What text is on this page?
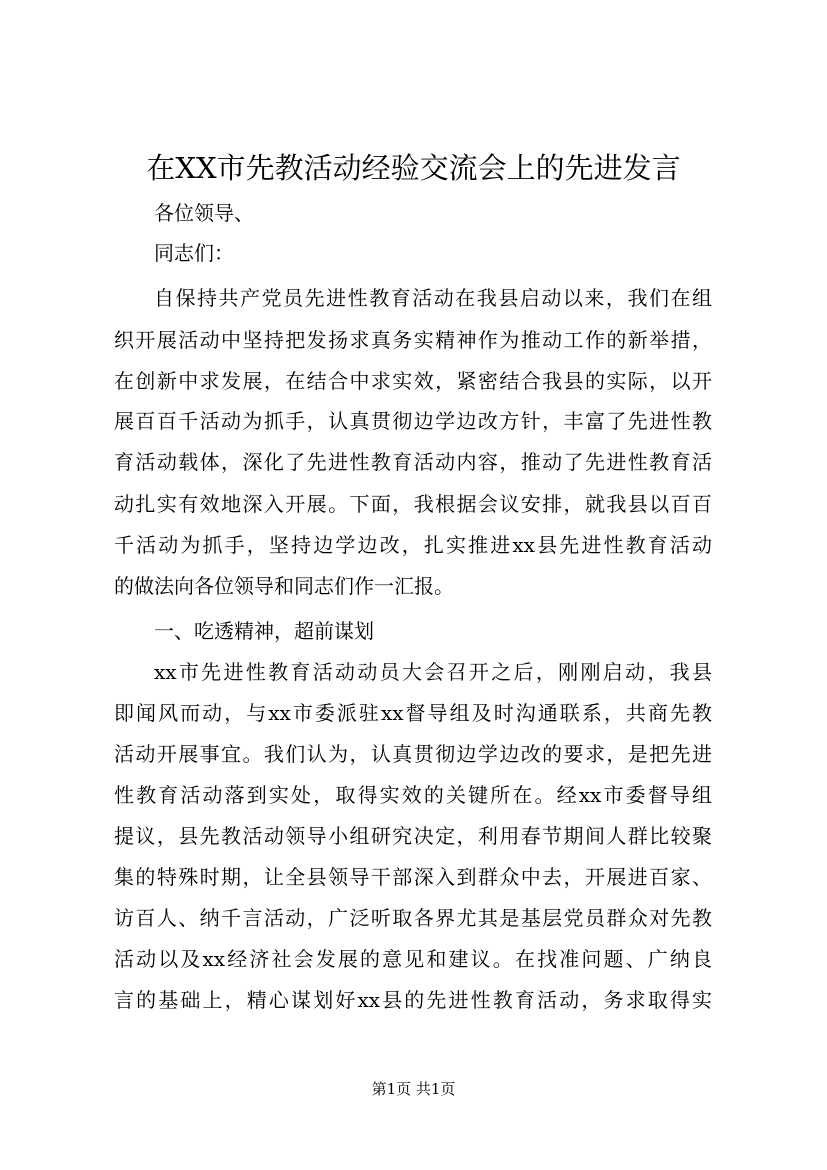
在XX市先教活动经验交流会上的先进发言
各位领导、
同志们：
自保持共产党员先进性教育活动在我县启动以来，我们在组
织开展活动中坚持把发扬求真务实精神作为推动工作的新举措，
在创新中求发展，在结合中求实效，紧密结合我县的实际，以开
展百百千活动为抓手，认真贯彻边学边改方针，丰富了先进性教
育活动载体，深化了先进性教育活动内容，推动了先进性教育活
动扎实有效地深入开展。下面，我根据会议安排，就我县以百百
千活动为抓手，坚持边学边改，扎实推进xx县先进性教育活动
的做法向各位领导和同志们作一汇报。
一、吃透精神，超前谋划
xx市先进性教育活动动员大会召开之后，刚刚启动，我县
即闻风而动，与xx市委派驻xx督导组及时沟通联系，共商先教
活动开展事宜。我们认为，认真贯彻边学边改的要求，是把先进
性教育活动落到实处，取得实效的关键所在。经xx市委督导组
提议，县先教活动领导小组研究决定，利用春节期间人群比较聚
集的特殊时期，让全县领导干部深入到群众中去，开展进百家、
访百人、纳千言活动，广泛听取各界尤其是基层党员群众对先教
活动以及xx经济社会发展的意见和建议。在找准问题、广纳良
言的基础上，精心谋划好xx县的先进性教育活动，务求取得实
第1页 共1页
